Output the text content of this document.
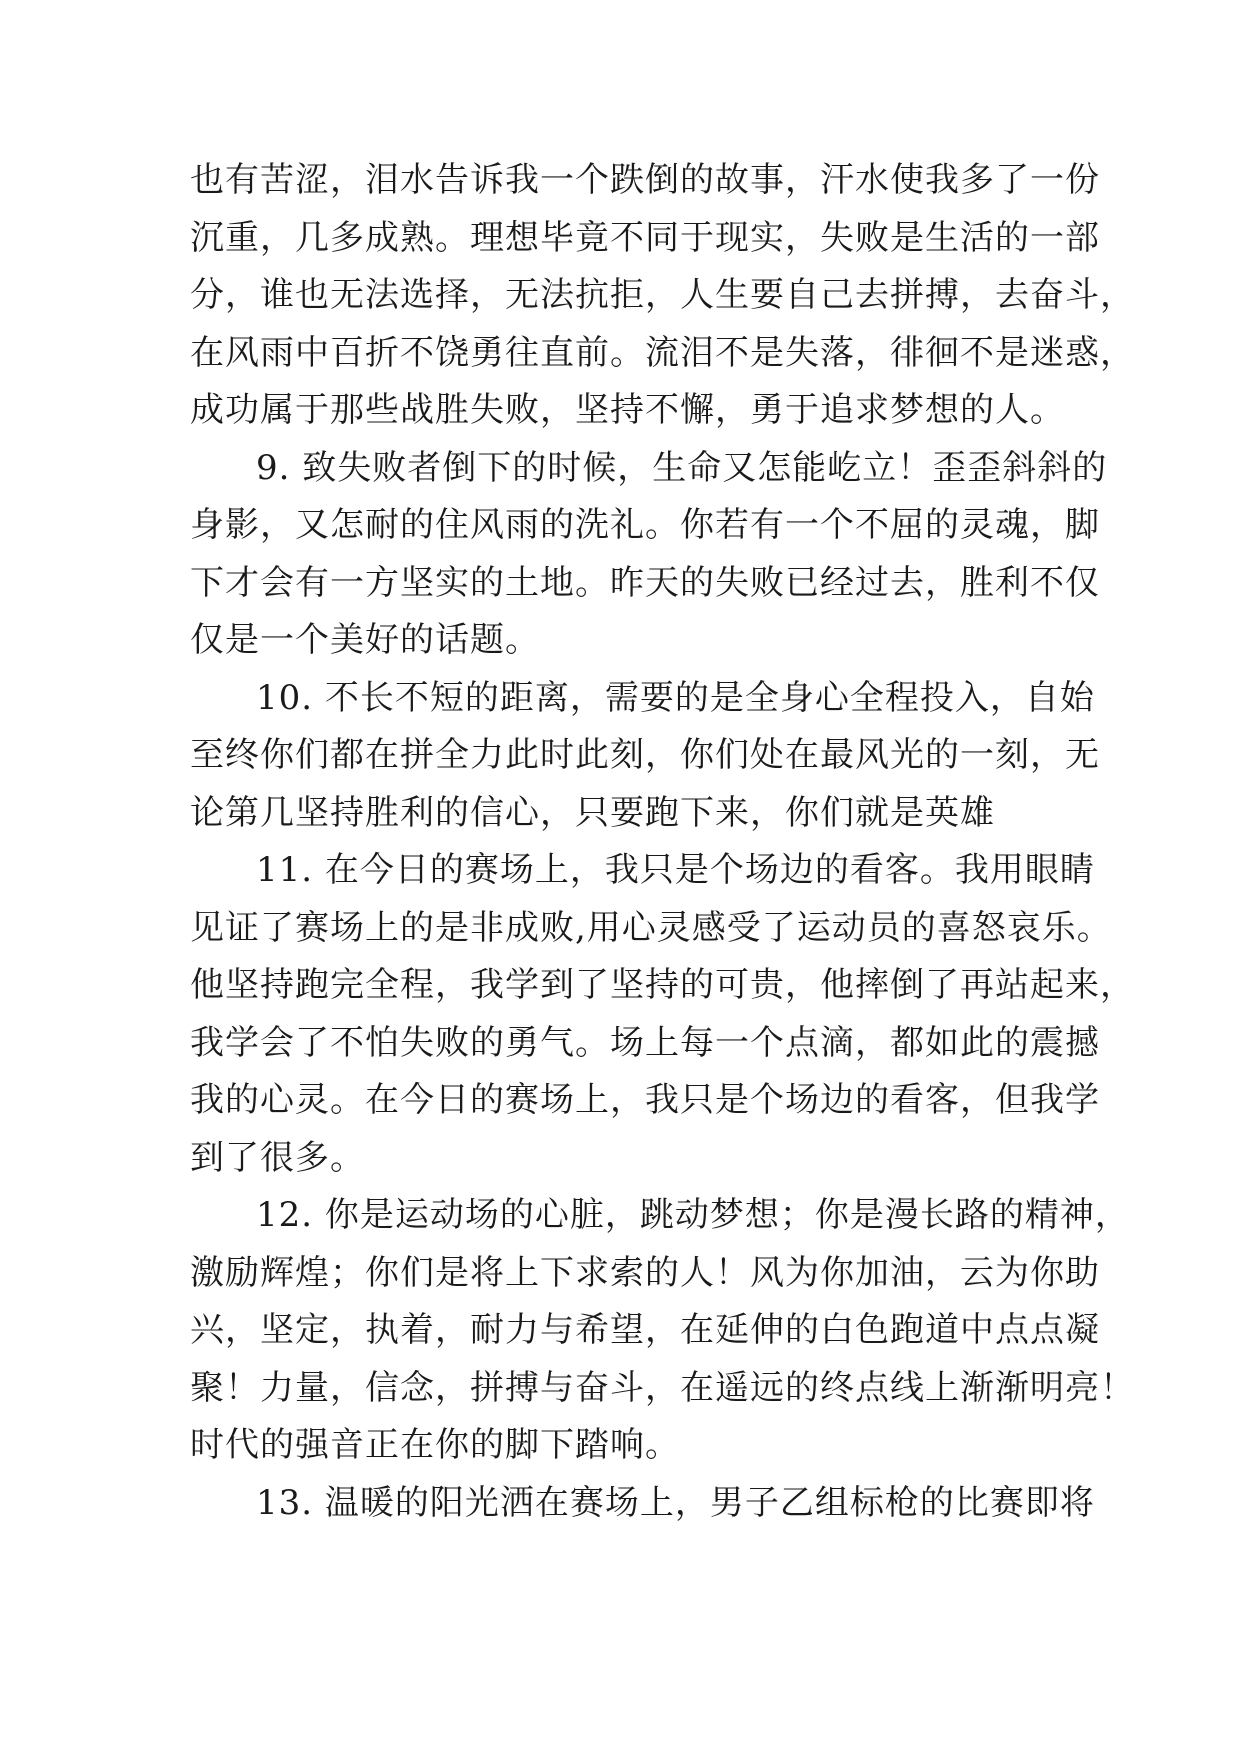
也有苦涩，泪水告诉我一个跌倒的故事，汗水使我多了一份
沉重，几多成熟。理想毕竟不同于现实，失败是生活的一部
分，谁也无法选择，无法抗拒，人生要自己去拼搏，去奋斗，
在风雨中百折不饶勇往直前。流泪不是失落，徘徊不是迷惑，
成功属于那些战胜失败，坚持不懈，勇于追求梦想的人。
9. 致失败者倒下的时候，生命又怎能屹立！歪歪斜斜的
身影，又怎耐的住风雨的洗礼。你若有一个不屈的灵魂，脚
下才会有一方坚实的土地。昨天的失败已经过去，胜利不仅
仅是一个美好的话题。
10. 不长不短的距离，需要的是全身心全程投入，自始
至终你们都在拼全力此时此刻，你们处在最风光的一刻，无
论第几坚持胜利的信心，只要跑下来，你们就是英雄
11. 在今日的赛场上，我只是个场边的看客。我用眼睛
见证了赛场上的是非成败,用心灵感受了运动员的喜怒哀乐。
他坚持跑完全程，我学到了坚持的可贵，他摔倒了再站起来，
我学会了不怕失败的勇气。场上每一个点滴，都如此的震撼
我的心灵。在今日的赛场上，我只是个场边的看客，但我学
到了很多。
12. 你是运动场的心脏，跳动梦想；你是漫长路的精神，
激励辉煌；你们是将上下求索的人！风为你加油，云为你助
兴，坚定，执着，耐力与希望，在延伸的白色跑道中点点凝
聚！力量，信念，拼搏与奋斗，在遥远的终点线上渐渐明亮！
时代的强音正在你的脚下踏响。
13. 温暖的阳光洒在赛场上，男子乙组标枪的比赛即将
